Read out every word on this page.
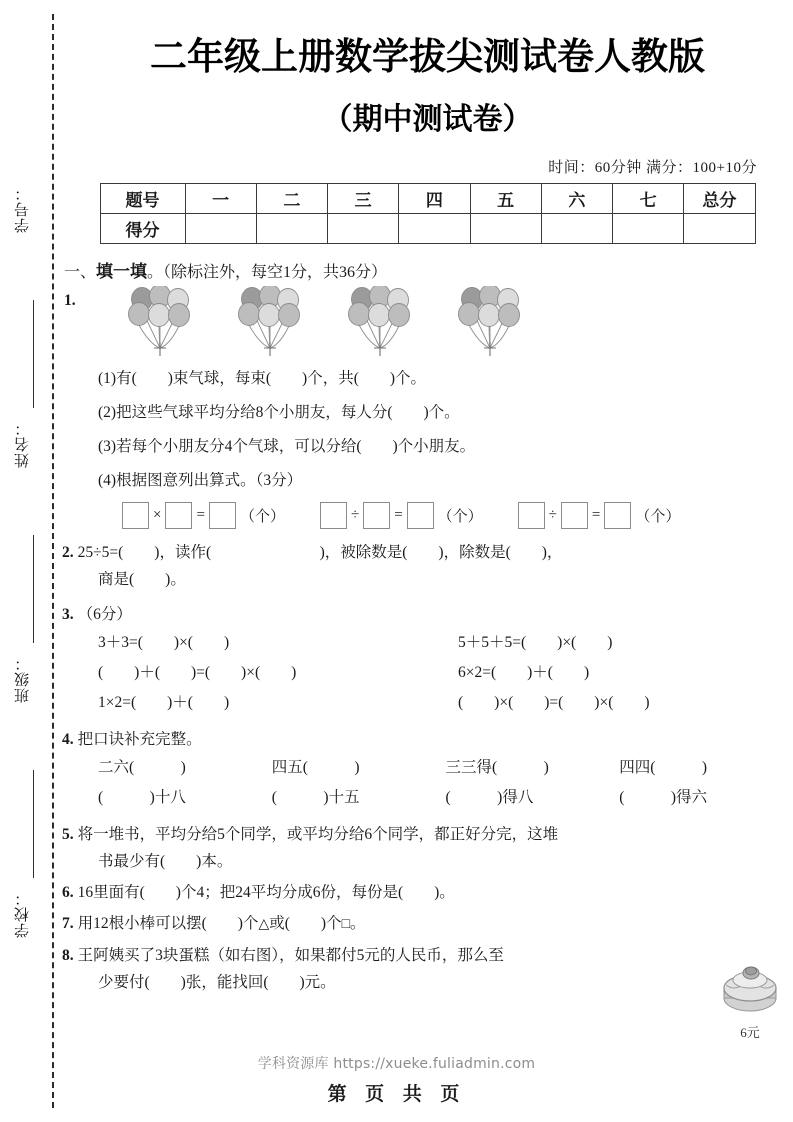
学号：
姓名：
班级：
学校：
二年级上册数学拔尖测试卷人教版
（期中测试卷）
时间：60分钟 满分：100+10分
题号	一	二	三	四	五	六	七	总分
得分								
一、填一填。（除标注外，每空1分，共36分）
1.
(1)有(　　)束气球，每束(　　)个，共(　　)个。
(2)把这些气球平均分给8个小朋友，每人分(　　)个。
(3)若每个小朋友分4个气球，可以分给(　　)个小朋友。
(4)根据图意列出算式。（3分）
× = （个）	÷ = （个）	÷ = （个）
2. 25÷5=(　　)，读作(　　　　　　　)，被除数是(　　)，除数是(　　)，
商是(　　)。
3. （6分）
3＋3=(　　)×(　　)	5＋5＋5=(　　)×(　　)
(　　)＋(　　)=(　　)×(　　)	6×2=(　　)＋(　　)
1×2=(　　)＋(　　)	(　　)×(　　)=(　　)×(　　)
4. 把口诀补充完整。
二六(　　　)	四五(　　　)	三三得(　　　)	四四(　　　)
(　　　)十八	(　　　)十五	(　　　)得八	(　　　)得六
5. 将一堆书，平均分给5个同学，或平均分给6个同学，都正好分完，这堆
书最少有(　　)本。
6. 16里面有(　　)个4；把24平均分成6份，每份是(　　)。
7. 用12根小棒可以摆(　　)个△或(　　)个□。
8. 王阿姨买了3块蛋糕（如右图），如果都付5元的人民币，那么至
少要付(　　)张，能找回(　　)元。
6元
学科资源库 https://xueke.fuliadmin.com
第 页 共 页
